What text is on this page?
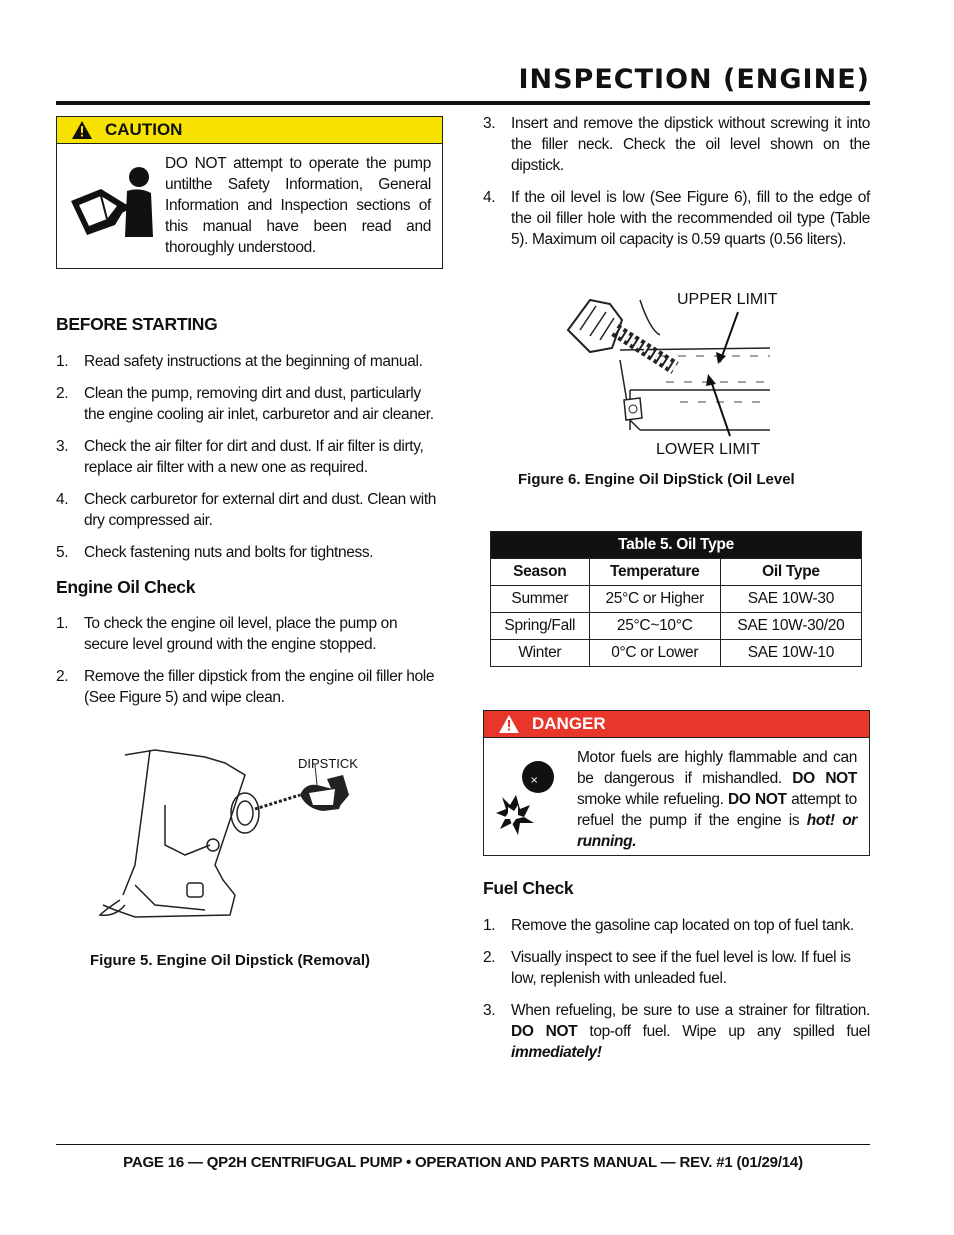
INSPECTION (ENGINE)
CAUTION
DO NOT attempt to operate the pump untilthe Safety Information, General Information and Inspection sections of this manual have been read and thoroughly understood.
BEFORE STARTING
1. Read safety instructions at the beginning of manual.
2. Clean the pump, removing dirt and dust, particularly the engine cooling air inlet, carburetor and air cleaner.
3. Check the air filter for dirt and dust. If air filter is dirty, replace air filter with a new one as required.
4. Check carburetor for external dirt and dust. Clean with dry compressed air.
5. Check fastening nuts and bolts for tightness.
Engine Oil Check
1. To check the engine oil level, place the pump on secure level ground with the engine stopped.
2. Remove the filler dipstick from the engine oil filler hole (See Figure 5) and wipe clean.
DIPSTICK
Figure 5. Engine Oil Dipstick (Removal)
3. Insert and remove the dipstick without screwing it into the filler neck. Check the oil level shown on the dipstick.
4. If the oil level is low (See Figure 6), fill to the edge of the oil filler hole with the recommended oil type (Table 5). Maximum oil capacity is 0.59 quarts (0.56 liters).
UPPER LIMIT
LOWER LIMIT
Figure 6. Engine Oil DipStick (Oil Level
Table 5. Oil Type		
Season	Temperature	Oil Type
Summer	25°C or Higher	SAE 10W-30
Spring/Fall	25°C~10°C	SAE 10W-30/20
Winter	0°C or Lower	SAE 10W-10
DANGER
×
Motor fuels are highly flammable and can be dangerous if mishandled. DO NOT smoke while refueling. DO NOT attempt to refuel the pump if the engine is hot! or running.
Fuel Check
1. Remove the gasoline cap located on top of fuel tank.
2. Visually inspect to see if the fuel level is low. If fuel is low, replenish with unleaded fuel.
3. When refueling, be sure to use a strainer for filtration. DO NOT top-off fuel. Wipe up any spilled fuel immediately!
PAGE 16 — QP2H CENTRIFUGAL PUMP • OPERATION AND PARTS MANUAL — REV. #1 (01/29/14)
